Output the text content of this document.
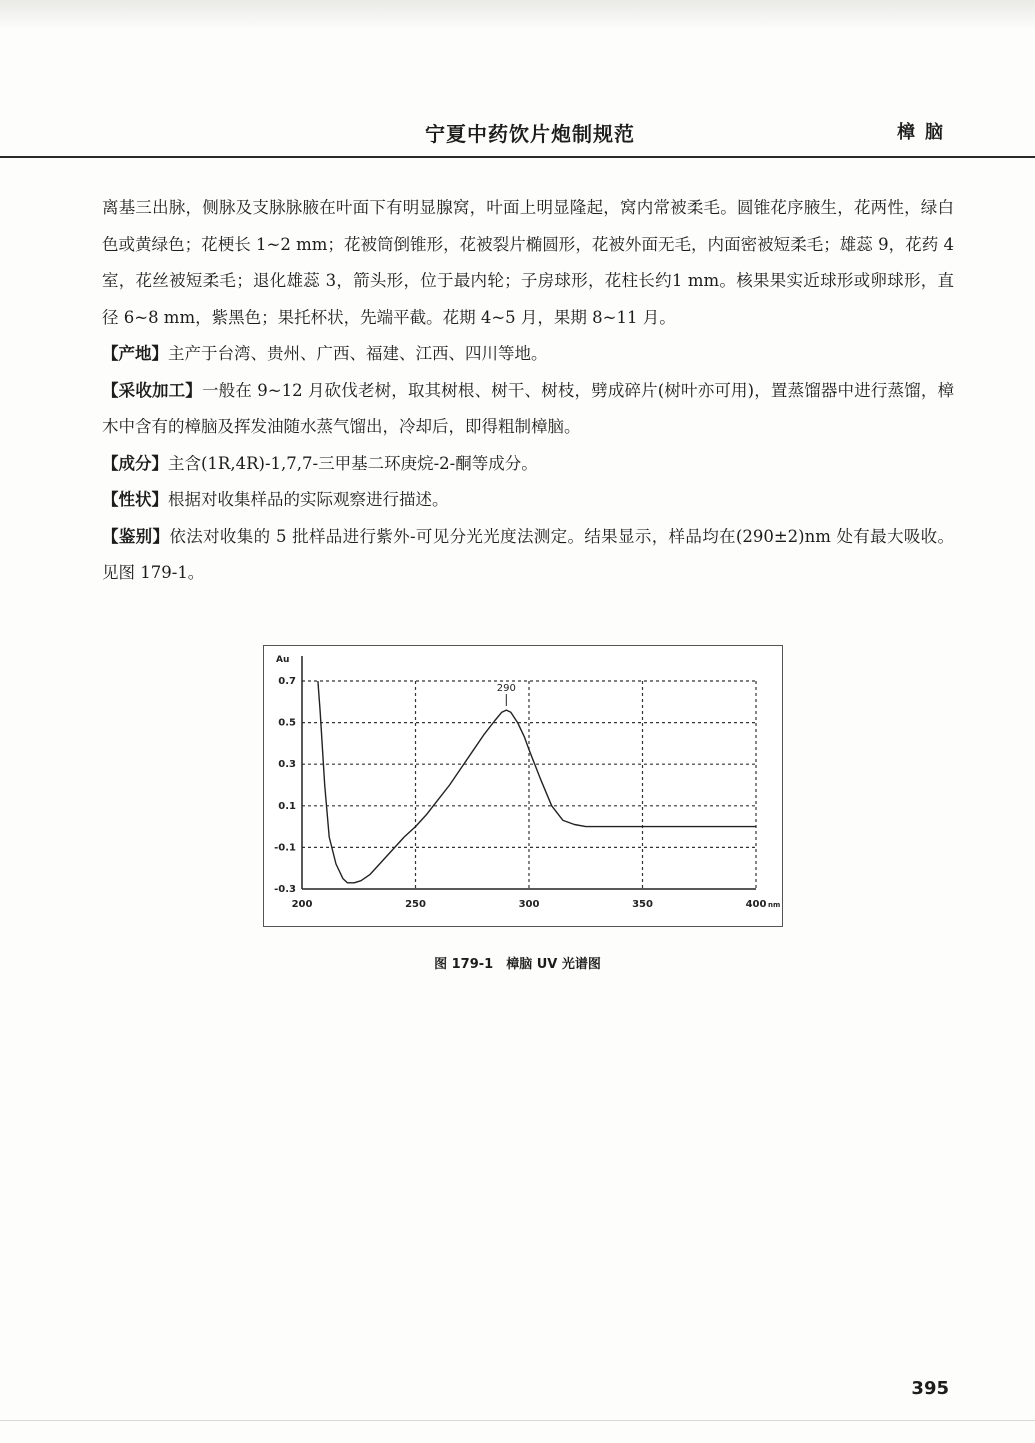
宁夏中药饮片炮制规范	樟脑

离基三出脉，侧脉及支脉脉腋在叶面下有明显腺窝，叶面上明显隆起，窝内常被柔毛。圆锥花序腋生，花两性，绿白色或黄绿色；花梗长 1~2 mm；花被筒倒锥形，花被裂片椭圆形，花被外面无毛，内面密被短柔毛；雄蕊 9，花药 4 室，花丝被短柔毛；退化雄蕊 3，箭头形，位于最内轮；子房球形，花柱长约1 mm。核果果实近球形或卵球形，直径 6~8 mm，紫黑色；果托杯状，先端平截。花期 4~5 月，果期 8~11 月。

【产地】主产于台湾、贵州、广西、福建、江西、四川等地。

【采收加工】一般在 9~12 月砍伐老树，取其树根、树干、树枝，劈成碎片(树叶亦可用)，置蒸馏器中进行蒸馏，樟木中含有的樟脑及挥发油随水蒸气馏出，冷却后，即得粗制樟脑。

【成分】主含(1R,4R)-1,7,7-三甲基二环庚烷-2-酮等成分。

【性状】根据对收集样品的实际观察进行描述。

【鉴别】依法对收集的 5 批样品进行紫外-可见分光光度法测定。结果显示，样品均在(290±2)nm 处有最大吸收。见图 179-1。

Au
0.7
0.5
0.3
0.1
-0.1
-0.3
200	250	300	350	400 nm
290
图 179-1　樟脑 UV 光谱图
395
